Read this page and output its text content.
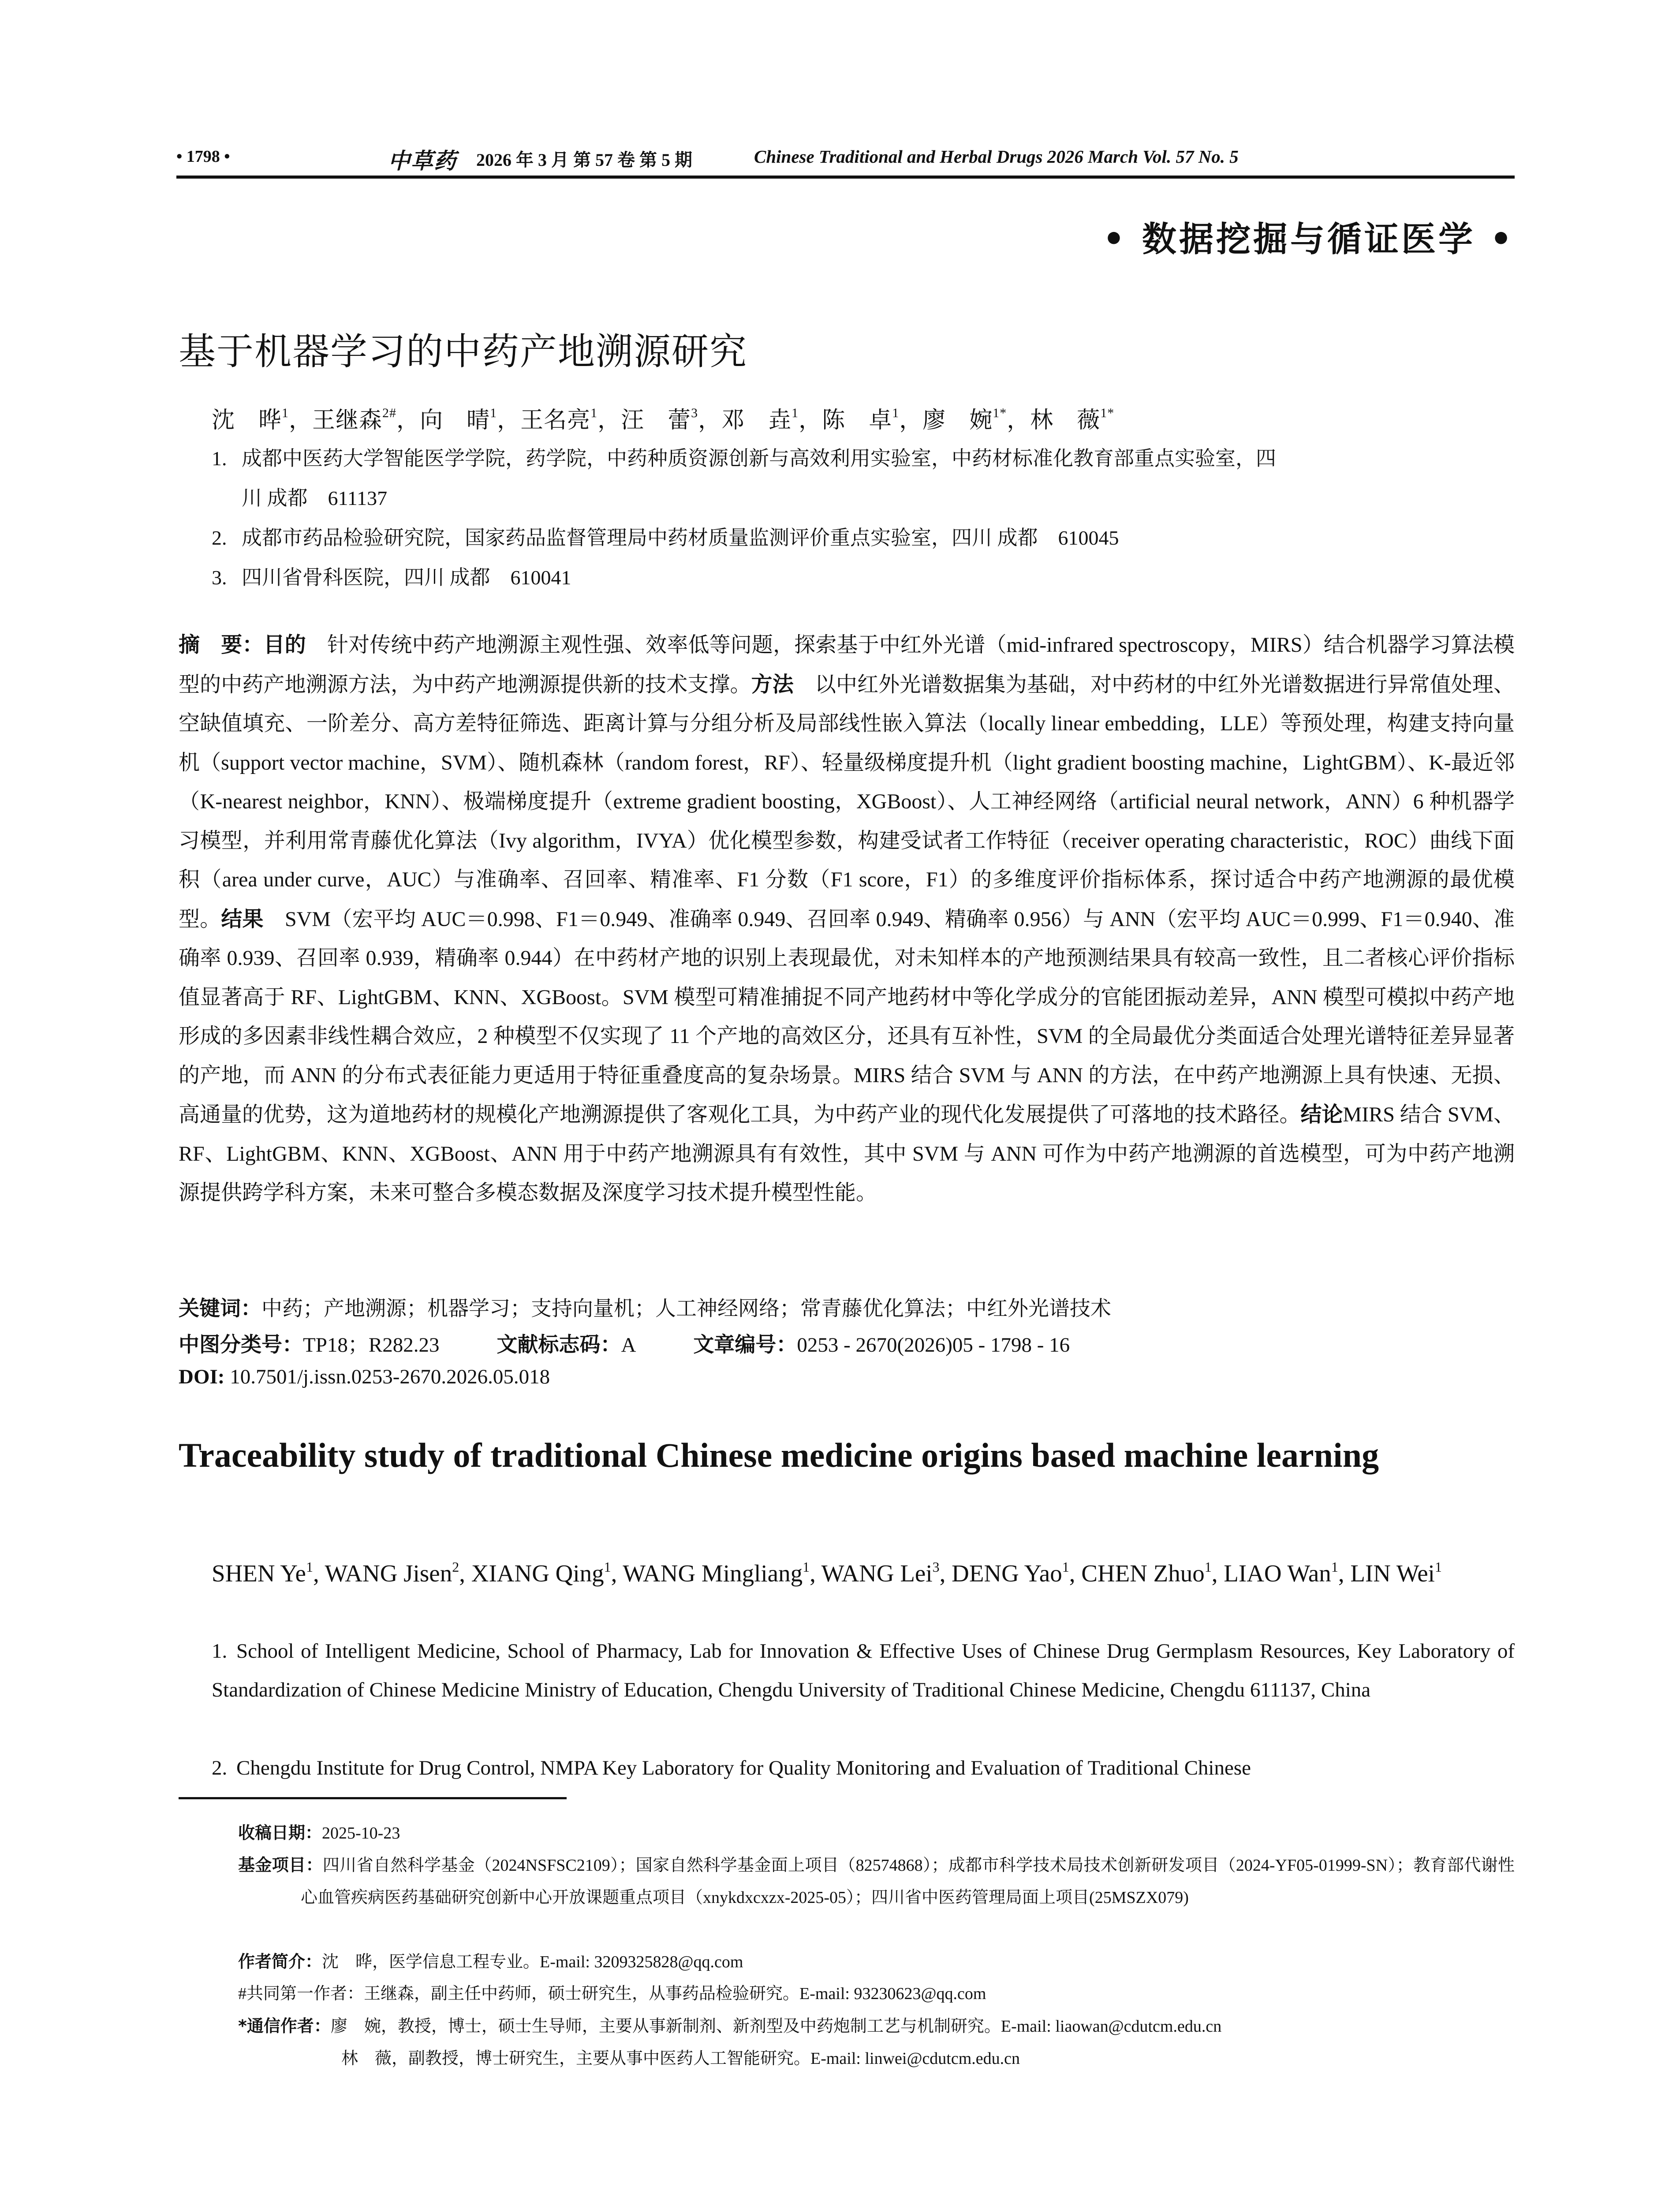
• 1798 •	中草药 2026 年 3 月 第 57 卷 第 5 期	Chinese Traditional and Herbal Drugs 2026 March Vol. 57 No. 5
• 数据挖掘与循证医学 •
基于机器学习的中药产地溯源研究
沈　晔$^1$，王继森$^{2\#}$，向　晴$^1$，王名亮$^1$，汪　蕾$^3$，邓　垚$^1$，陈　卓$^1$，廖　婉$^{1*}$，林　薇$^{1*}$
1. 成都中医药大学智能医学学院，药学院，中药种质资源创新与高效利用实验室，中药材标准化教育部重点实验室，四
川 成都　611137
2. 成都市药品检验研究院，国家药品监督管理局中药材质量监测评价重点实验室，四川 成都　610045
3. 四川省骨科医院，四川 成都　610041
摘　要：目的　 针对传统中药产地溯源主观性强、效率低等问题，探索基于中红外光谱（mid-infrared spectroscopy，MIRS）结合机器学习算法模型的中药产地溯源方法，为中药产地溯源提供新的技术支撑。方法　 以中红外光谱数据集为基础，对中药材的中红外光谱数据进行异常值处理、空缺值填充、一阶差分、高方差特征筛选、距离计算与分组分析及局部线性嵌入算法（locally linear embedding，LLE）等预处理，构建支持向量机（support vector machine，SVM）、随机森林（random forest，RF）、轻量级梯度提升机（light gradient boosting machine，LightGBM）、K-最近邻（K-nearest neighbor，KNN）、极端梯度提升（extreme gradient boosting，XGBoost）、人工神经网络（artificial neural network，ANN）6 种机器学习模型，并利用常青藤优化算法（Ivy algorithm，IVYA）优化模型参数，构建受试者工作特征（receiver operating characteristic，ROC）曲线下面积（area under curve，AUC）与准确率、召回率、精准率、F1 分数（F1 score，F1）的多维度评价指标体系，探讨适合中药产地溯源的最优模型。结果　 SVM（宏平均 AUC＝0.998、F1＝0.949、准确率 0.949、召回率 0.949、精确率 0.956）与 ANN（宏平均 AUC＝0.999、F1＝0.940、准确率 0.939、召回率 0.939，精确率 0.944）在中药材产地的识别上表现最优，对未知样本的产地预测结果具有较高一致性，且二者核心评价指标值显著高于 RF、LightGBM、KNN、XGBoost。SVM 模型可精准捕捉不同产地药材中等化学成分的官能团振动差异，ANN 模型可模拟中药产地形成的多因素非线性耦合效应，2 种模型不仅实现了 11 个产地的高效区分，还具有互补性，SVM 的全局最优分类面适合处理光谱特征差异显著的产地，而 ANN 的分布式表征能力更适用于特征重叠度高的复杂场景。MIRS 结合 SVM 与 ANN 的方法，在中药产地溯源上具有快速、无损、高通量的优势，这为道地药材的规模化产地溯源提供了客观化工具，为中药产业的现代化发展提供了可落地的技术路径。结论MIRS 结合 SVM、RF、LightGBM、KNN、XGBoost、ANN 用于中药产地溯源具有有效性，其中 SVM 与 ANN 可作为中药产地溯源的首选模型，可为中药产地溯源提供跨学科方案，未来可整合多模态数据及深度学习技术提升模型性能。
关键词：中药；产地溯源；机器学习；支持向量机；人工神经网络；常青藤优化算法；中红外光谱技术
中图分类号：TP18；R282.23	文献标志码：A	文章编号：0253 - 2670(2026)05 - 1798 - 16
DOI: 10.7501/j.issn.0253-2670.2026.05.018
Traceability study of traditional Chinese medicine origins based machine learning
SHEN Ye$^1$, WANG Jisen$^2$, XIANG Qing$^1$, WANG Mingliang$^1$, WANG Lei$^3$, DENG Yao$^1$, CHEN Zhuo$^1$, LIAO Wan$^1$, LIN Wei$^1$
1. School of Intelligent Medicine, School of Pharmacy, Lab for Innovation & Effective Uses of Chinese Drug Germplasm Resources, Key Laboratory of Standardization of Chinese Medicine Ministry of Education, Chengdu University of Traditional Chinese Medicine, Chengdu 611137, China
2. Chengdu Institute for Drug Control, NMPA Key Laboratory for Quality Monitoring and Evaluation of Traditional Chinese
收稿日期：2025-10-23
基金项目：四川省自然科学基金（2024NSFSC2109）；国家自然科学基金面上项目（82574868）；成都市科学技术局技术创新研发项目（2024-YF05-01999-SN）；教育部代谢性心血管疾病医药基础研究创新中心开放课题重点项目（xnykdxcxzx-2025-05）；四川省中医药管理局面上项目(25MSZX079)
作者简介：沈　晔，医学信息工程专业。E-mail: 3209325828@qq.com
#共同第一作者：王继森，副主任中药师，硕士研究生，从事药品检验研究。E-mail: 93230623@qq.com
*通信作者：廖　婉，教授，博士，硕士生导师，主要从事新制剂、新剂型及中药炮制工艺与机制研究。E-mail: liaowan@cdutcm.edu.cn
林　薇，副教授，博士研究生，主要从事中医药人工智能研究。E-mail: linwei@cdutcm.edu.cn
